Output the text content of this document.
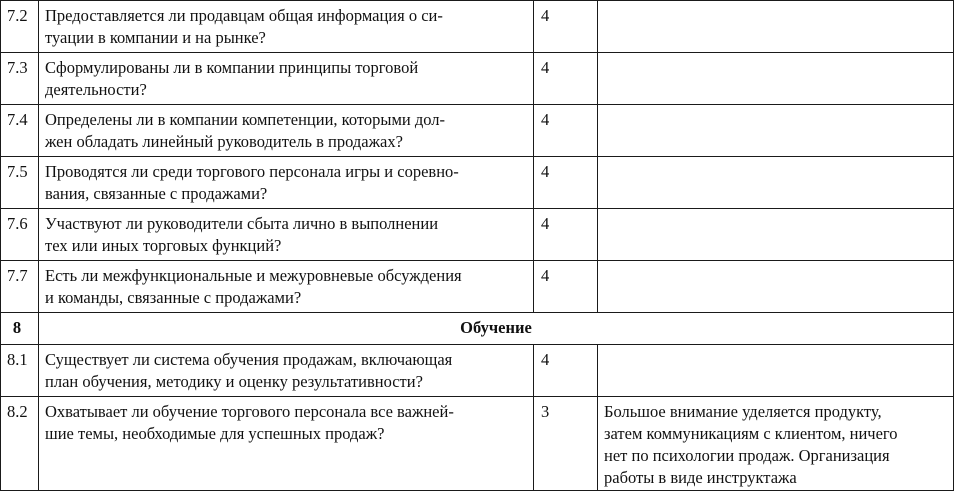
7.2	Предоставляется ли продавцам общая информация о си-
туации в компании и на рынке?	4	
7.3	Сформулированы ли в компании принципы торговой
деятельности?	4	
7.4	Определены ли в компании компетенции, которыми дол-
жен обладать линейный руководитель в продажах?	4	
7.5	Проводятся ли среди торгового персонала игры и соревно-
вания, связанные с продажами?	4	
7.6	Участвуют ли руководители сбыта лично в выполнении
тех или иных торговых функций?	4	
7.7	Есть ли межфункциональные и межуровневые обсуждения
и команды, связанные с продажами?	4	
8	Обучение		
8.1	Существует ли система обучения продажам, включающая
план обучения, методику и оценку результативности?	4	
8.2	Охватывает ли обучение торгового персонала все важней-
шие темы, необходимые для успешных продаж?	3	Большое внимание уделяется продукту,
затем коммуникациям с клиентом, ничего
нет по психологии продаж. Организация
работы в виде инструктажа
